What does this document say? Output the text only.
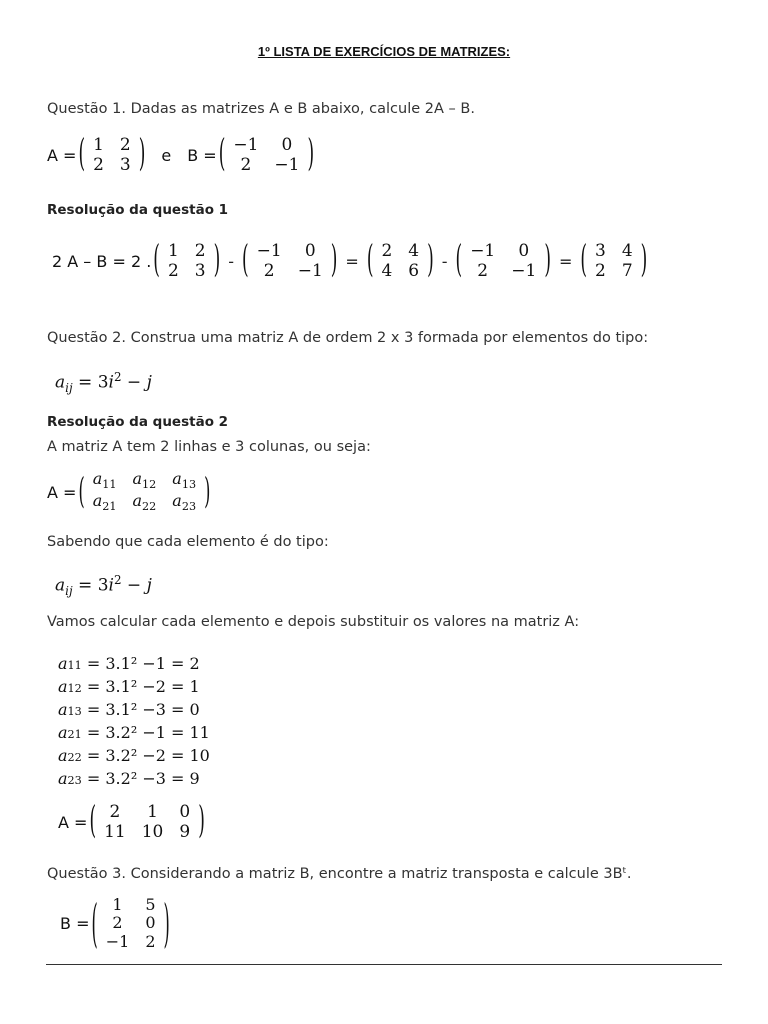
1º LISTA DE EXERCÍCIOS DE MATRIZES:
Questão 1. Dadas as matrizes A e B abaixo, calcule 2A – B.
A = ( 1	2
2	3 ) e B = ( −1	0
2	−1 )
Resolução da questão 1
2 A – B = 2 . ( 1	2
2	3 ) - ( −1	0
2	−1 ) = ( 2	4
4	6 ) - ( −1	0
2	−1 ) = ( 3	4
2	7 )
Questão 2. Construa uma matriz A de ordem 2 x 3 formada por elementos do tipo:
$a_{ij} = 3i^2 - j$
Resolução da questão 2
A matriz A tem 2 linhas e 3 colunas, ou seja:
A = ( $a_{11}$	$a_{12}$	$a_{13}$
$a_{21}$	$a_{22}$	$a_{23}$ )
Sabendo que cada elemento é do tipo:
$a_{ij} = 3i^2 - j$
Vamos calcular cada elemento e depois substituir os valores na matriz A:
a 11 = 3.1² −1 = 2
a 12 = 3.1² −2 = 1
a 13 = 3.1² −3 = 0
a 21 = 3.2² −1 = 11
a 22 = 3.2² −2 = 10
a 23 = 3.2² −3 = 9
A = ( 2	1	0
11	10	9 )
Questão 3. Considerando a matriz B, encontre a matriz transposta e calcule 3Bᵗ.
B = ( 1	5
2	0
−1	2 )
